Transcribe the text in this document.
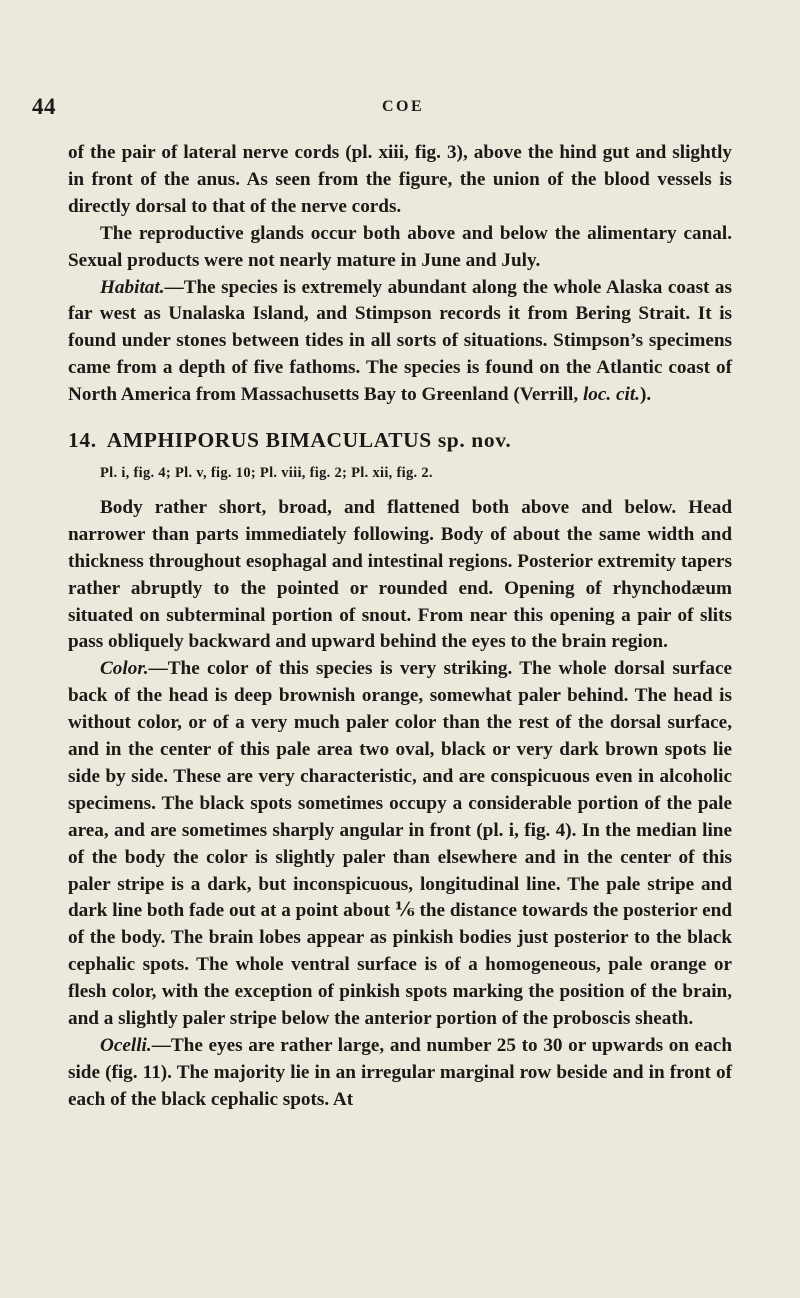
44	COE

of the pair of lateral nerve cords (pl. xiii, fig. 3), above the hind gut and slightly in front of the anus. As seen from the figure, the union of the blood vessels is directly dorsal to that of the nerve cords.

The reproductive glands occur both above and below the alimentary canal. Sexual products were not nearly mature in June and July.

Habitat.—The species is extremely abundant along the whole Alaska coast as far west as Unalaska Island, and Stimpson records it from Bering Strait. It is found under stones between tides in all sorts of situations. Stimpson’s specimens came from a depth of five fathoms. The species is found on the Atlantic coast of North America from Massachusetts Bay to Greenland (Verrill, loc. cit.).

14. AMPHIPORUS BIMACULATUS sp. nov.
Pl. i, fig. 4; Pl. v, fig. 10; Pl. viii, fig. 2; Pl. xii, fig. 2.

Body rather short, broad, and flattened both above and below. Head narrower than parts immediately following. Body of about the same width and thickness throughout esophagal and intestinal regions. Posterior extremity tapers rather abruptly to the pointed or rounded end. Opening of rhynchodæum situated on subterminal portion of snout. From near this opening a pair of slits pass obliquely backward and upward behind the eyes to the brain region.

Color.—The color of this species is very striking. The whole dorsal surface back of the head is deep brownish orange, somewhat paler behind. The head is without color, or of a very much paler color than the rest of the dorsal surface, and in the center of this pale area two oval, black or very dark brown spots lie side by side. These are very characteristic, and are conspicuous even in alcoholic specimens. The black spots sometimes occupy a considerable portion of the pale area, and are sometimes sharply angular in front (pl. i, fig. 4). In the median line of the body the color is slightly paler than elsewhere and in the center of this paler stripe is a dark, but inconspicuous, longitudinal line. The pale stripe and dark line both fade out at a point about ⅙ the distance towards the posterior end of the body. The brain lobes appear as pinkish bodies just posterior to the black cephalic spots. The whole ventral surface is of a homogeneous, pale orange or flesh color, with the exception of pinkish spots marking the position of the brain, and a slightly paler stripe below the anterior portion of the proboscis sheath.

Ocelli.—The eyes are rather large, and number 25 to 30 or upwards on each side (fig. 11). The majority lie in an irregular marginal row beside and in front of each of the black cephalic spots. At
